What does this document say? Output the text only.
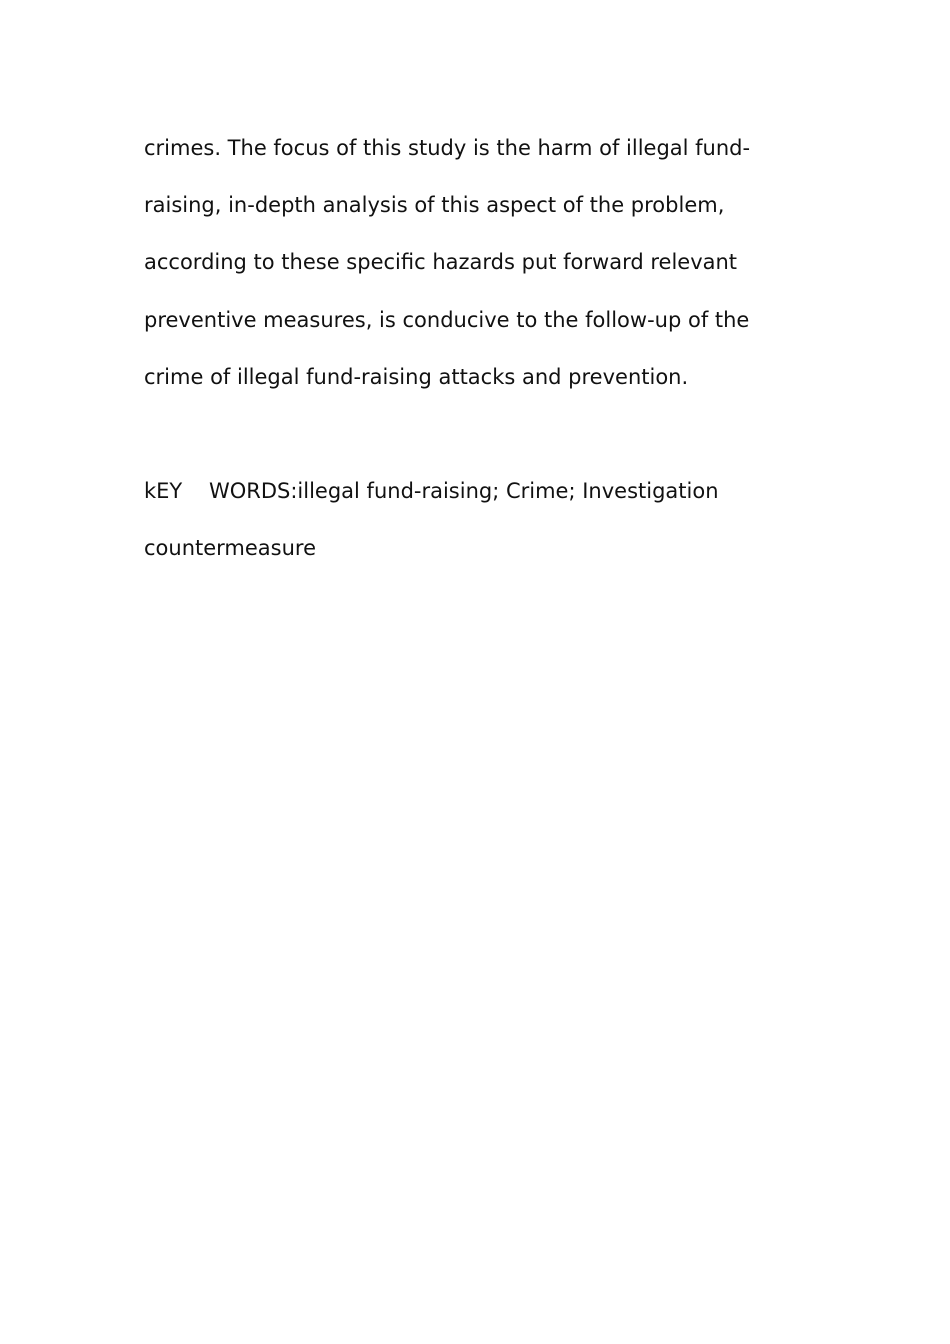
crimes. The focus of this study is the harm of illegal fund-
raising, in-depth analysis of this aspect of the problem,
according to these specific hazards put forward relevant
preventive measures, is conducive to the follow-up of the
crime of illegal fund-raising attacks and prevention.
kEY    WORDS:illegal fund-raising; Crime; Investigation
countermeasure
